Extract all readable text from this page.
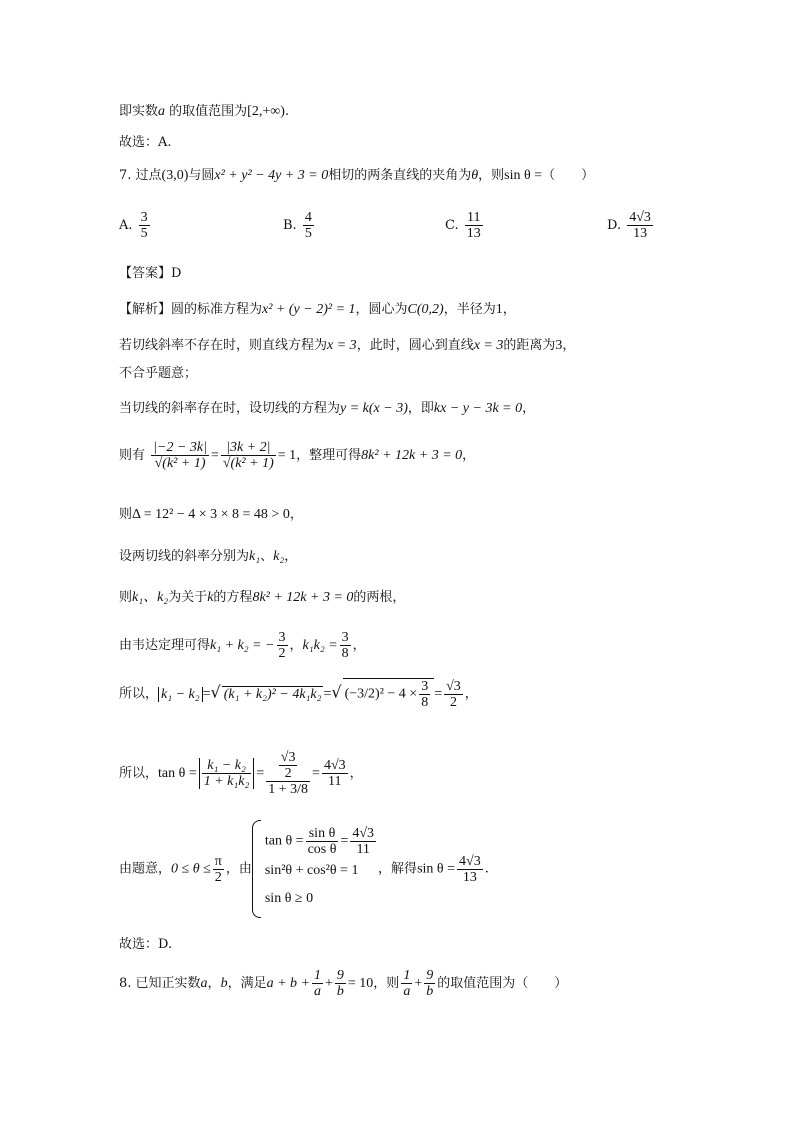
即实数a 的取值范围为[2,+∞).
故选：A.
7. 过点(3,0)与圆x² + y² − 4y + 3 = 0相切的两条直线的夹角为θ，则sin θ =（　　）
A. $\frac{3}{5}$	B. $\frac{4}{5}$	C. $\frac{11}{13}$	D. $\frac{4√3}{13}$
【答案】D
【解析】圆的标准方程为x² + (y − 2)² = 1，圆心为C(0,2)，半径为1，
若切线斜率不存在时，则直线方程为x = 3，此时，圆心到直线x = 3的距离为3，
不合乎题意；
当切线的斜率存在时，设切线的方程为y = k(x − 3)，即kx − y − 3k = 0，
则有 $\frac{|-2 - 3k|}{\text{√(k² + 1)}} = \frac{|3k + 2|}{\text{√(k² + 1)}} = 1$，整理可得8k² + 12k + 3 = 0，
则Δ = 12² − 4 × 3 × 8 = 48 > 0，
设两切线的斜率分别为k₁、k₂，
则k₁、k₂为关于k的方程8k² + 12k + 3 = 0的两根，
由韦达定理可得k₁ + k₂ = − $\frac{3}{2}$ ，$k_1k_2 = \frac{3}{8}$ ，
所以， k₁ − k₂ =√ (k₁ + k₂)² − 4k₁k₂ =√ $(-3/2)^2 - 4 \times \frac{3}{8} = \frac{√3}{2}$ ，
所以，$\tan \theta = \frac{\text{k₁ − k₂}}{\text{1 + k₁k₂}} = \frac{\frac{√3}{2}}{1 + 3/8} = \frac{4√3}{11}$ ，
由题意，$0 \le \theta \le \frac{\pi}{2}$ ，由
$\tan \theta = \frac{\text{sin θ}}{\text{cos θ}} = \frac{4√3}{11}$
sin²θ + cos²θ = 1
sin θ ≥ 0
，解得$\sin \theta = \frac{4√3}{13}$ .
故选：D.
8. 已知正实数a，b，满足$a + b + \frac{1}{a} + \frac{9}{b} = 10$，则 $\frac{1}{a} + \frac{9}{b}$ 的取值范围为（　　）
